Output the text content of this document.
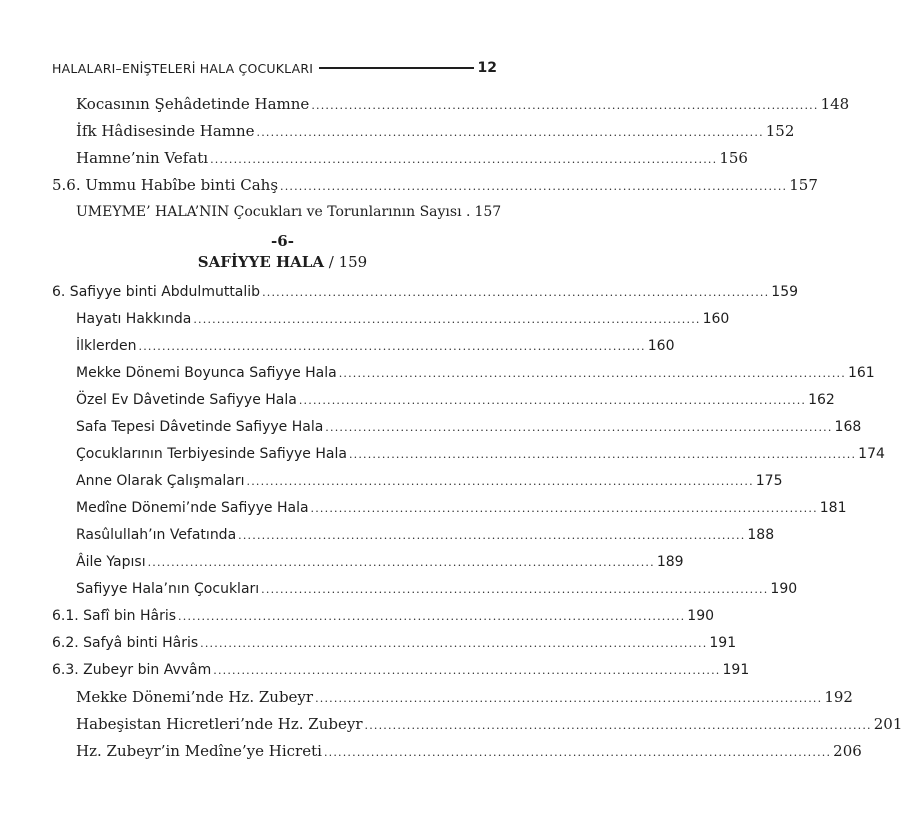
HALALARI–ENİŞTELERİ HALA ÇOCUKLARI	12
Kocasının Şehâdetinde Hamne ............................................................................................................ 148
İfk Hâdisesinde Hamne ............................................................................................................ 152
Hamne’nin Vefatı ............................................................................................................ 156
5.6. Ummu Habîbe binti Cahş ............................................................................................................ 157
UMEYME’ HALA’NIN Çocukları ve Torunlarının Sayısı . 157
-6-
SAFİYYE HALA / 159
6. Safiyye binti Abdulmuttalib ............................................................................................................ 159
Hayatı Hakkında ............................................................................................................ 160
İlklerden ............................................................................................................ 160
Mekke Dönemi Boyunca Safiyye Hala ............................................................................................................ 161
Özel Ev Dâvetinde Safiyye Hala ............................................................................................................ 162
Safa Tepesi Dâvetinde Safiyye Hala ............................................................................................................ 168
Çocuklarının Terbiyesinde Safiyye Hala ............................................................................................................ 174
Anne Olarak Çalışmaları ............................................................................................................ 175
Medîne Dönemi’nde Safiyye Hala ............................................................................................................ 181
Rasûlullah’ın Vefatında ............................................................................................................ 188
Âile Yapısı ............................................................................................................ 189
Safiyye Hala’nın Çocukları ............................................................................................................ 190
6.1. Safî bin Hâris ............................................................................................................ 190
6.2. Safyâ binti Hâris ............................................................................................................ 191
6.3. Zubeyr bin Avvâm ............................................................................................................ 191
Mekke Dönemi’nde Hz. Zubeyr ............................................................................................................ 192
Habeşistan Hicretleri’nde Hz. Zubeyr ............................................................................................................ 201
Hz. Zubeyr’in Medîne’ye Hicreti ............................................................................................................ 206
